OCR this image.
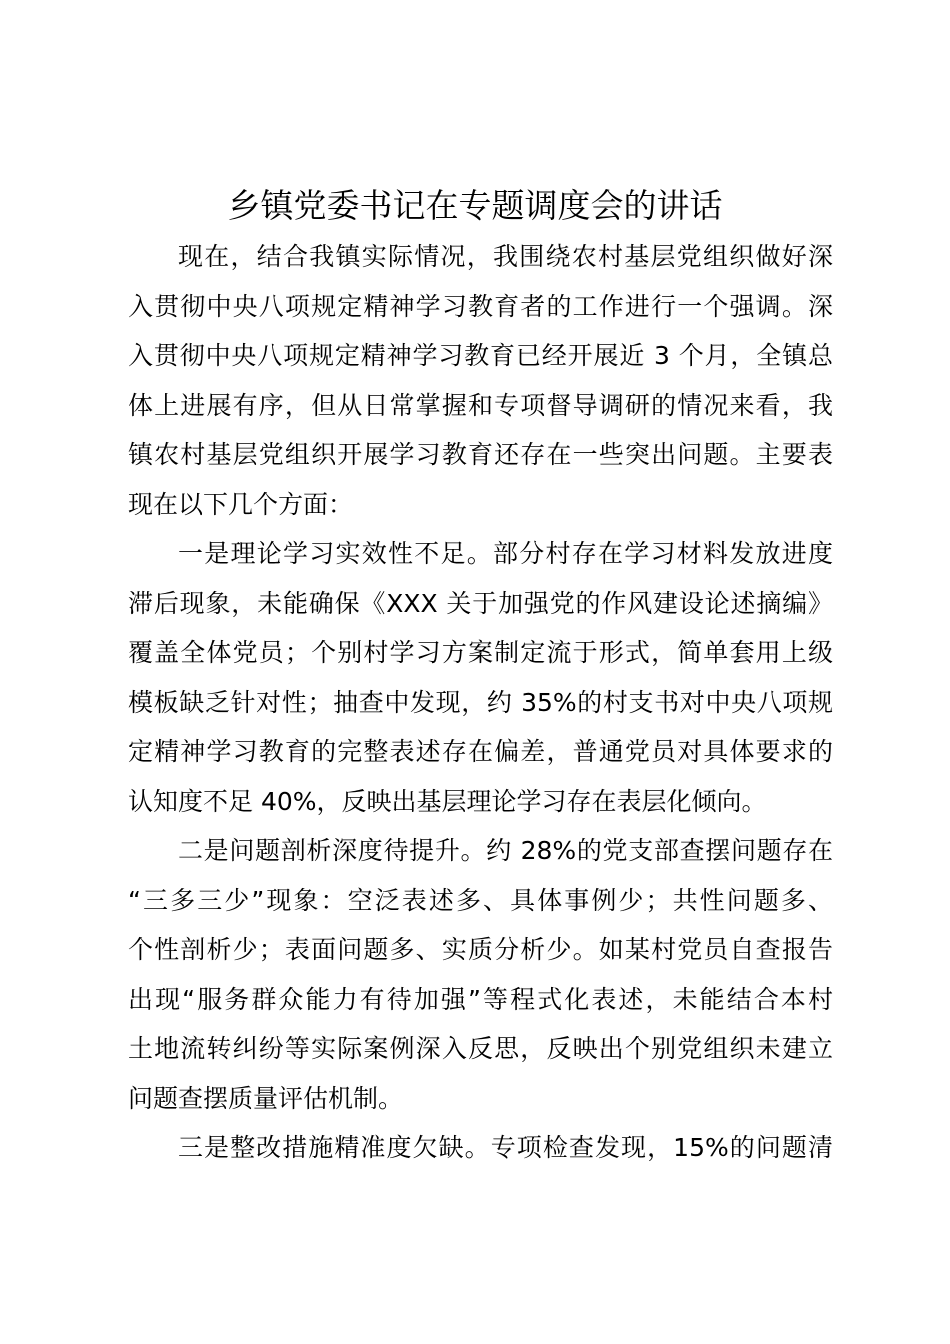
乡镇党委书记在专题调度会的讲话

现在，结合我镇实际情况，我围绕农村基层党组织做好深
入贯彻中央八项规定精神学习教育者的工作进行一个强调。深
入贯彻中央八项规定精神学习教育已经开展近 3 个月，全镇总
体上进展有序，但从日常掌握和专项督导调研的情况来看，我
镇农村基层党组织开展学习教育还存在一些突出问题。主要表
现在以下几个方面：

一是理论学习实效性不足。部分村存在学习材料发放进度
滞后现象，未能确保《XXX 关于加强党的作风建设论述摘编》
覆盖全体党员；个别村学习方案制定流于形式，简单套用上级
模板缺乏针对性；抽查中发现，约 35%的村支书对中央八项规
定精神学习教育的完整表述存在偏差，普通党员对具体要求的
认知度不足 40%，反映出基层理论学习存在表层化倾向。

二是问题剖析深度待提升。约 28%的党支部查摆问题存在
“三多三少”现象：空泛表述多、具体事例少；共性问题多、
个性剖析少；表面问题多、实质分析少。如某村党员自查报告
出现“服务群众能力有待加强”等程式化表述，未能结合本村
土地流转纠纷等实际案例深入反思，反映出个别党组织未建立
问题查摆质量评估机制。

三是整改措施精准度欠缺。专项检查发现，15%的问题清
